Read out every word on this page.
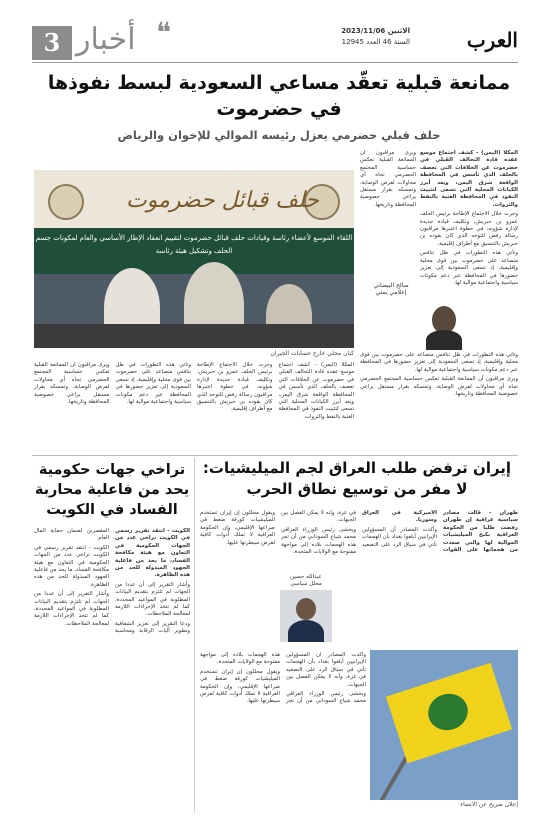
3 أخبار ❝	الاثنين 2023/11/06
السنة 46 العدد 12945	العرب
ممانعة قبلية تعقّد مساعي السعودية لبسط نفوذها في حضرموت
حلف قبلي حضرمي يعزل رئيسه الموالي للإخوان والرياض
حلف قبائل حضرموت
اللقاء الموسع لأعضاء رئاسة وقيادات حلف قبائل حضرموت لتقييم انعقاد الإطار الأساسي والعام لمكونات جسم الحلف وتشكيل هيئة رئاسة
كيان محلي خارج حسابات الجيران
صالح البيضاني
إعلامي يمني

المكلا (اليمن) - كشف اجتماع موسع عقده قادة التحالف القبلي في حضرموت عن الخلافات التي تعصف بالحلف الذي تأسس في المحافظة الواقعة شرق اليمن، ويعد أبرز الكيانات المحلية التي تسعى لتثبيت النفوذ في المحافظة الغنية بالنفط والثروات.

وجرت خلال الاجتماع الإطاحة برئيس الحلف عمرو بن حبريش، وتكليف قيادة جديدة لإدارة شؤونه، في خطوة اعتبرها مراقبون رسالة رفض للتوجه الذي كان يقوده بن حبريش بالتنسيق مع أطراف إقليمية.

وتأتي هذه التطورات في ظل تنافس متصاعد على حضرموت بين قوى محلية وإقليمية، إذ تسعى السعودية إلى تعزيز حضورها في المحافظة عبر دعم مكونات سياسية واجتماعية موالية لها.

ويرى مراقبون أن الممانعة القبلية تعكس حساسية المجتمع الحضرمي تجاه أي محاولات لفرض الوصاية، وتمسكه بقرار مستقل يراعي خصوصية المحافظة وتاريخها.

وتأتي هذه التطورات في ظل تنافس متصاعد على حضرموت بين قوى محلية وإقليمية، إذ تسعى السعودية إلى تعزيز حضورها في المحافظة عبر دعم مكونات سياسية واجتماعية موالية لها.

ويرى مراقبون أن الممانعة القبلية تعكس حساسية المجتمع الحضرمي تجاه أي محاولات لفرض الوصاية، وتمسكه بقرار مستقل يراعي خصوصية المحافظة وتاريخها.

المكلا (اليمن) - كشف اجتماع موسع عقده قادة التحالف القبلي في حضرموت عن الخلافات التي تعصف بالحلف الذي تأسس في المحافظة الواقعة شرق اليمن، ويعد أبرز الكيانات المحلية التي تسعى لتثبيت النفوذ في المحافظة الغنية بالنفط والثروات.

وجرت خلال الاجتماع الإطاحة برئيس الحلف عمرو بن حبريش، وتكليف قيادة جديدة لإدارة شؤونه، في خطوة اعتبرها مراقبون رسالة رفض للتوجه الذي كان يقوده بن حبريش بالتنسيق مع أطراف إقليمية.

وتأتي هذه التطورات في ظل تنافس متصاعد على حضرموت بين قوى محلية وإقليمية، إذ تسعى السعودية إلى تعزيز حضورها في المحافظة عبر دعم مكونات سياسية واجتماعية موالية لها.

ويرى مراقبون أن الممانعة القبلية تعكس حساسية المجتمع الحضرمي تجاه أي محاولات لفرض الوصاية، وتمسكه بقرار مستقل يراعي خصوصية المحافظة وتاريخها.

إيران ترفض طلب العراق لجم الميليشيات: لا مفر من توسيع نطاق الحرب

طهران - قالت مصادر سياسية عراقية إن طهران رفضت طلبا من الحكومة العراقية بكبح الميليشيات الموالية لها والتي صعدت من هجماتها على القوات الأميركية في العراق وسوريا.

وأكدت المصادر أن المسؤولين الإيرانيين أبلغوا بغداد بأن الهجمات تأتي في سياق الرد على التصعيد في غزة، وأنه لا يمكن الفصل بين الجبهات.

ويخشى رئيس الوزراء العراقي محمد شياع السوداني من أن تجر هذه الهجمات بلاده إلى مواجهة مفتوحة مع الولايات المتحدة.

ويقول محللون إن إيران تستخدم الميليشيات كورقة ضغط في صراعها الإقليمي، وإن الحكومة العراقية لا تملك أدوات كافية لفرض سيطرتها عليها.

عبدالله حسين
محلل سياسي

وأكدت المصادر أن المسؤولين الإيرانيين أبلغوا بغداد بأن الهجمات تأتي في سياق الرد على التصعيد في غزة، وأنه لا يمكن الفصل بين الجبهات.

ويخشى رئيس الوزراء العراقي محمد شياع السوداني من أن تجر هذه الهجمات بلاده إلى مواجهة مفتوحة مع الولايات المتحدة.

ويقول محللون إن إيران تستخدم الميليشيات كورقة ضغط في صراعها الإقليمي، وإن الحكومة العراقية لا تملك أدوات كافية لفرض سيطرتها عليها.

إعلان صريح عن الانتماء
تراخي جهات حكومية يحد من فاعلية محاربة الفساد في الكويت

الكويت - انتقد تقرير رسمي في الكويت تراخي عدد من الجهات الحكومية في التعاون مع هيئة مكافحة الفساد، ما يحد من فاعلية الجهود المبذولة للحد من هذه الظاهرة.

وأشار التقرير إلى أن عددا من الجهات لم تلتزم بتقديم البيانات المطلوبة في المواعيد المحددة، كما لم تتخذ الإجراءات اللازمة لمعالجة الملاحظات.

ودعا التقرير إلى تعزيز الشفافية وتطوير آليات الرقابة ومحاسبة المقصرين لضمان حماية المال العام.

الكويت - انتقد تقرير رسمي في الكويت تراخي عدد من الجهات الحكومية في التعاون مع هيئة مكافحة الفساد، ما يحد من فاعلية الجهود المبذولة للحد من هذه الظاهرة.

وأشار التقرير إلى أن عددا من الجهات لم تلتزم بتقديم البيانات المطلوبة في المواعيد المحددة، كما لم تتخذ الإجراءات اللازمة لمعالجة الملاحظات.
